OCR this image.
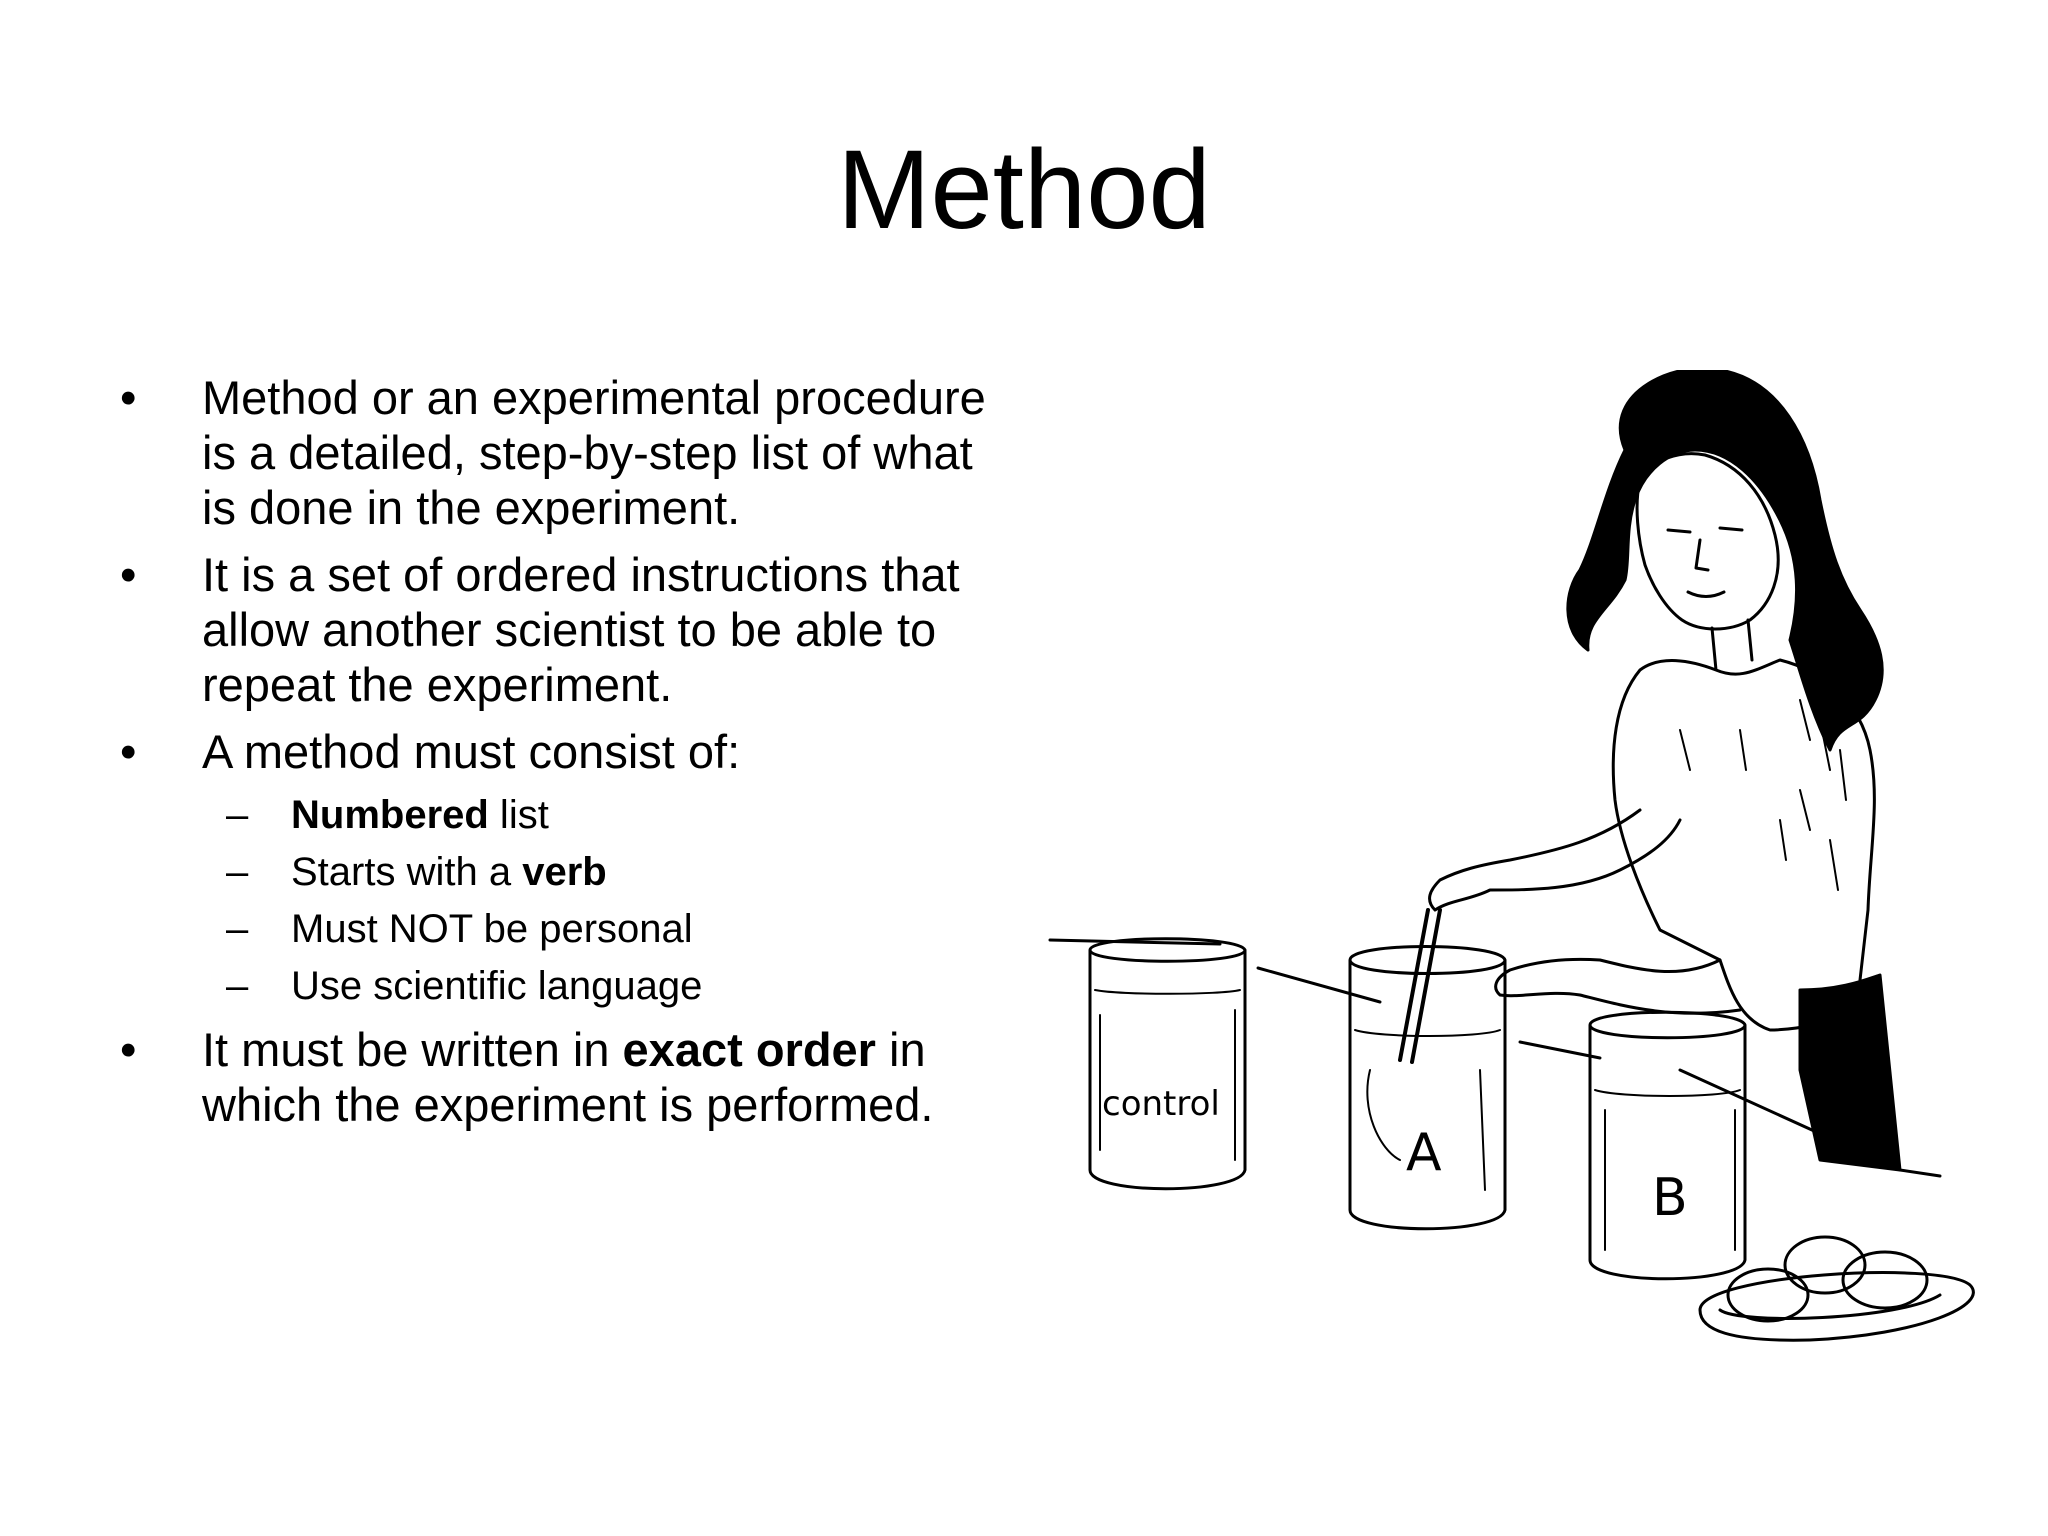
Method
• Method or an experimental procedure is a detailed, step-by-step list of what is done in the experiment.
• It is a set of ordered instructions that allow another scientist to be able to repeat the experiment.
• A method must consist of:
– Numbered list
– Starts with a verb
– Must NOT be personal
– Use scientific language
• It must be written in exact order in which the experiment is performed.	control
A
B
